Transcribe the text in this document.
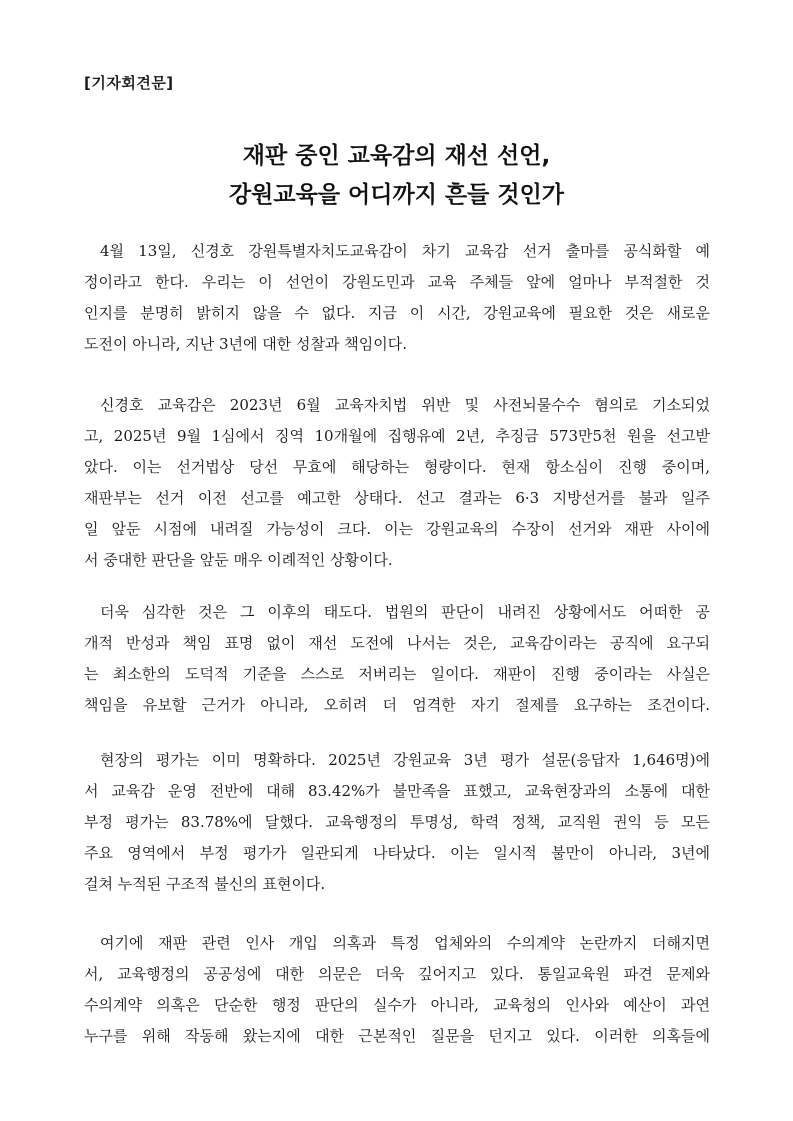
[기자회견문]
재판 중인 교육감의 재선 선언,
강원교육을 어디까지 흔들 것인가
4월 13일, 신경호 강원특별자치도교육감이 차기 교육감 선거 출마를 공식화할 예
정이라고 한다. 우리는 이 선언이 강원도민과 교육 주체들 앞에 얼마나 부적절한 것
인지를 분명히 밝히지 않을 수 없다. 지금 이 시간, 강원교육에 필요한 것은 새로운
도전이 아니라, 지난 3년에 대한 성찰과 책임이다.
신경호 교육감은 2023년 6월 교육자치법 위반 및 사전뇌물수수 혐의로 기소되었
고, 2025년 9월 1심에서 징역 10개월에 집행유예 2년, 추징금 573만5천 원을 선고받
았다. 이는 선거법상 당선 무효에 해당하는 형량이다. 현재 항소심이 진행 중이며,
재판부는 선거 이전 선고를 예고한 상태다. 선고 결과는 6·3 지방선거를 불과 일주
일 앞둔 시점에 내려질 가능성이 크다. 이는 강원교육의 수장이 선거와 재판 사이에
서 중대한 판단을 앞둔 매우 이례적인 상황이다.
더욱 심각한 것은 그 이후의 태도다. 법원의 판단이 내려진 상황에서도 어떠한 공
개적 반성과 책임 표명 없이 재선 도전에 나서는 것은, 교육감이라는 공직에 요구되
는 최소한의 도덕적 기준을 스스로 저버리는 일이다. 재판이 진행 중이라는 사실은
책임을 유보할 근거가 아니라, 오히려 더 엄격한 자기 절제를 요구하는 조건이다.
현장의 평가는 이미 명확하다. 2025년 강원교육 3년 평가 설문(응답자 1,646명)에
서 교육감 운영 전반에 대해 83.42%가 불만족을 표했고, 교육현장과의 소통에 대한
부정 평가는 83.78%에 달했다. 교육행정의 투명성, 학력 정책, 교직원 권익 등 모든
주요 영역에서 부정 평가가 일관되게 나타났다. 이는 일시적 불만이 아니라, 3년에
걸쳐 누적된 구조적 불신의 표현이다.
여기에 재판 관련 인사 개입 의혹과 특정 업체와의 수의계약 논란까지 더해지면
서, 교육행정의 공공성에 대한 의문은 더욱 깊어지고 있다. 통일교육원 파견 문제와
수의계약 의혹은 단순한 행정 판단의 실수가 아니라, 교육청의 인사와 예산이 과연
누구를 위해 작동해 왔는지에 대한 근본적인 질문을 던지고 있다. 이러한 의혹들에
